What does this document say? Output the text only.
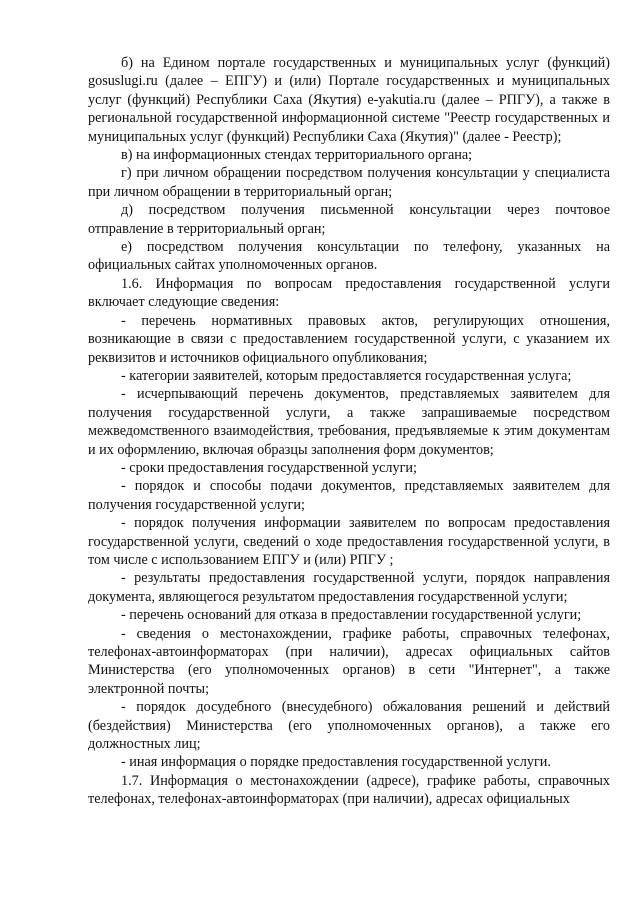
б) на Едином портале государственных и муниципальных услуг (функций) gosuslugi.ru (далее – ЕПГУ) и (или) Портале государственных и муниципальных услуг (функций) Республики Саха (Якутия) e-yakutia.ru (далее – РПГУ), а также в региональной государственной информационной системе "Реестр государственных и муниципальных услуг (функций) Республики Саха (Якутия)" (далее - Реестр);

в) на информационных стендах территориального органа;

г) при личном обращении посредством получения консультации у специалиста при личном обращении в территориальный орган;

д) посредством получения письменной консультации через почтовое отправление в территориальный орган;

е) посредством получения консультации по телефону, указанных на официальных сайтах уполномоченных органов.

1.6. Информация по вопросам предоставления государственной услуги включает следующие сведения:

- перечень нормативных правовых актов, регулирующих отношения, возникающие в связи с предоставлением государственной услуги, с указанием их реквизитов и источников официального опубликования;

- категории заявителей, которым предоставляется государственная услуга;

- исчерпывающий перечень документов, представляемых заявителем для получения государственной услуги, а также запрашиваемые посредством межведомственного взаимодействия, требования, предъявляемые к этим документам и их оформлению, включая образцы заполнения форм документов;

- сроки предоставления государственной услуги;

- порядок и способы подачи документов, представляемых заявителем для получения государственной услуги;

- порядок получения информации заявителем по вопросам предоставления государственной услуги, сведений о ходе предоставления государственной услуги, в том числе с использованием ЕПГУ и (или) РПГУ ;

- результаты предоставления государственной услуги, порядок направления документа, являющегося результатом предоставления государственной услуги;

- перечень оснований для отказа в предоставлении государственной услуги;

- сведения о местонахождении, графике работы, справочных телефонах, телефонах-автоинформаторах (при наличии), адресах официальных сайтов Министерства (его уполномоченных органов) в сети "Интернет", а также электронной почты;

- порядок досудебного (внесудебного) обжалования решений и действий (бездействия) Министерства (его уполномоченных органов), а также его должностных лиц;

- иная информация о порядке предоставления государственной услуги.

1.7. Информация о местонахождении (адресе), графике работы, справочных телефонах, телефонах-автоинформаторах (при наличии), адресах официальных
